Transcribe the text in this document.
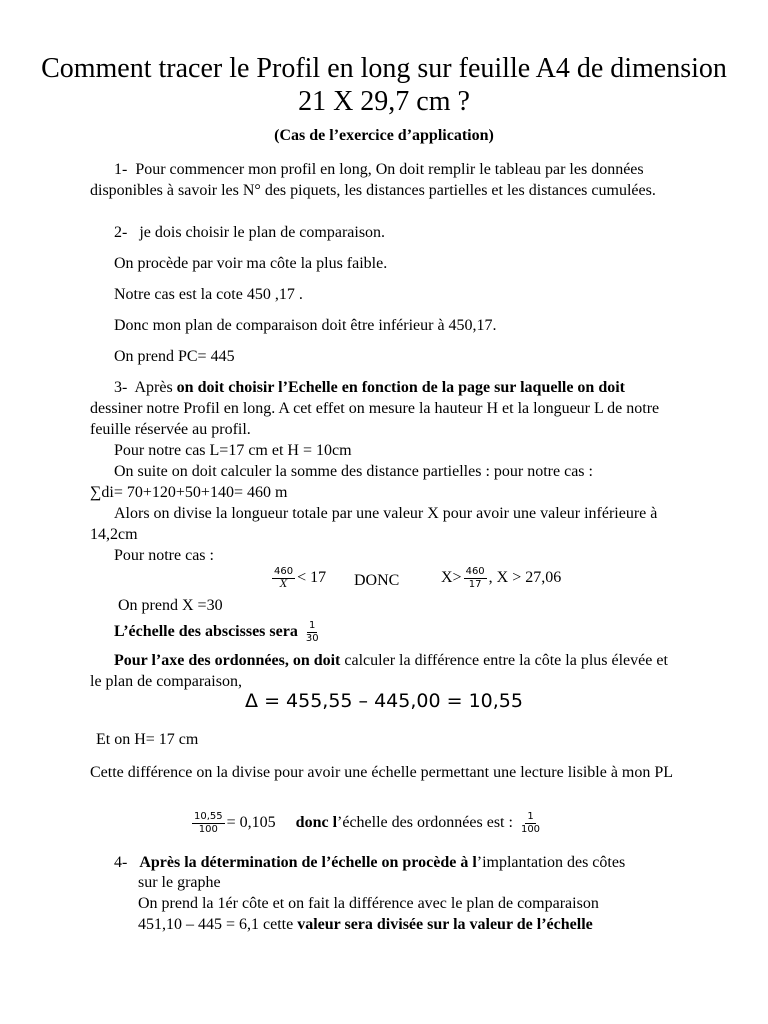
Comment tracer le Profil en long sur feuille A4 de dimension 21 X 29,7 cm ?
(Cas de l’exercice d’application)
1- Pour commencer mon profil en long, On doit remplir le tableau par les données disponibles à savoir les N° des piquets, les distances partielles et les distances cumulées.
2- je dois choisir le plan de comparaison.
On procède par voir ma côte la plus faible.
Notre cas est la cote 450 ,17 .
Donc mon plan de comparaison doit être inférieur à 450,17.
On prend PC= 445
3- Après on doit choisir l’Echelle en fonction de la page sur laquelle on doit dessiner notre Profil en long. A cet effet on mesure la hauteur H et la longueur L de notre feuille réservée au profil.
Pour notre cas L=17 cm et H = 10cm
On suite on doit calculer la somme des distance partielles : pour notre cas :
∑di= 70+120+50+140= 460 m
Alors on divise la longueur totale par une valeur X pour avoir une valeur inférieure à 14,2cm
Pour notre cas :
$\frac{460}{X} < 17$ DONC	$X> \frac{460}{17}$ , X > 27,06
On prend X =30
L’échelle des abscisses sera $\frac{1}{30}$
Pour l’axe des ordonnées, on doit calculer la différence entre la côte la plus élevée et le plan de comparaison,
Δ = 455,55 – 445,00 = 10,55
Et on H= 17 cm
Cette différence on la divise pour avoir une échelle permettant une lecture lisible à mon PL
$\frac{10,55}{100} = 0,105$ donc l’échelle des ordonnées est : $\frac{1}{100}$
4- Après la détermination de l’échelle on procède à l’implantation des côtes
sur le graphe
On prend la 1ér côte et on fait la différence avec le plan de comparaison
451,10 – 445 = 6,1 cette valeur sera divisée sur la valeur de l’échelle
